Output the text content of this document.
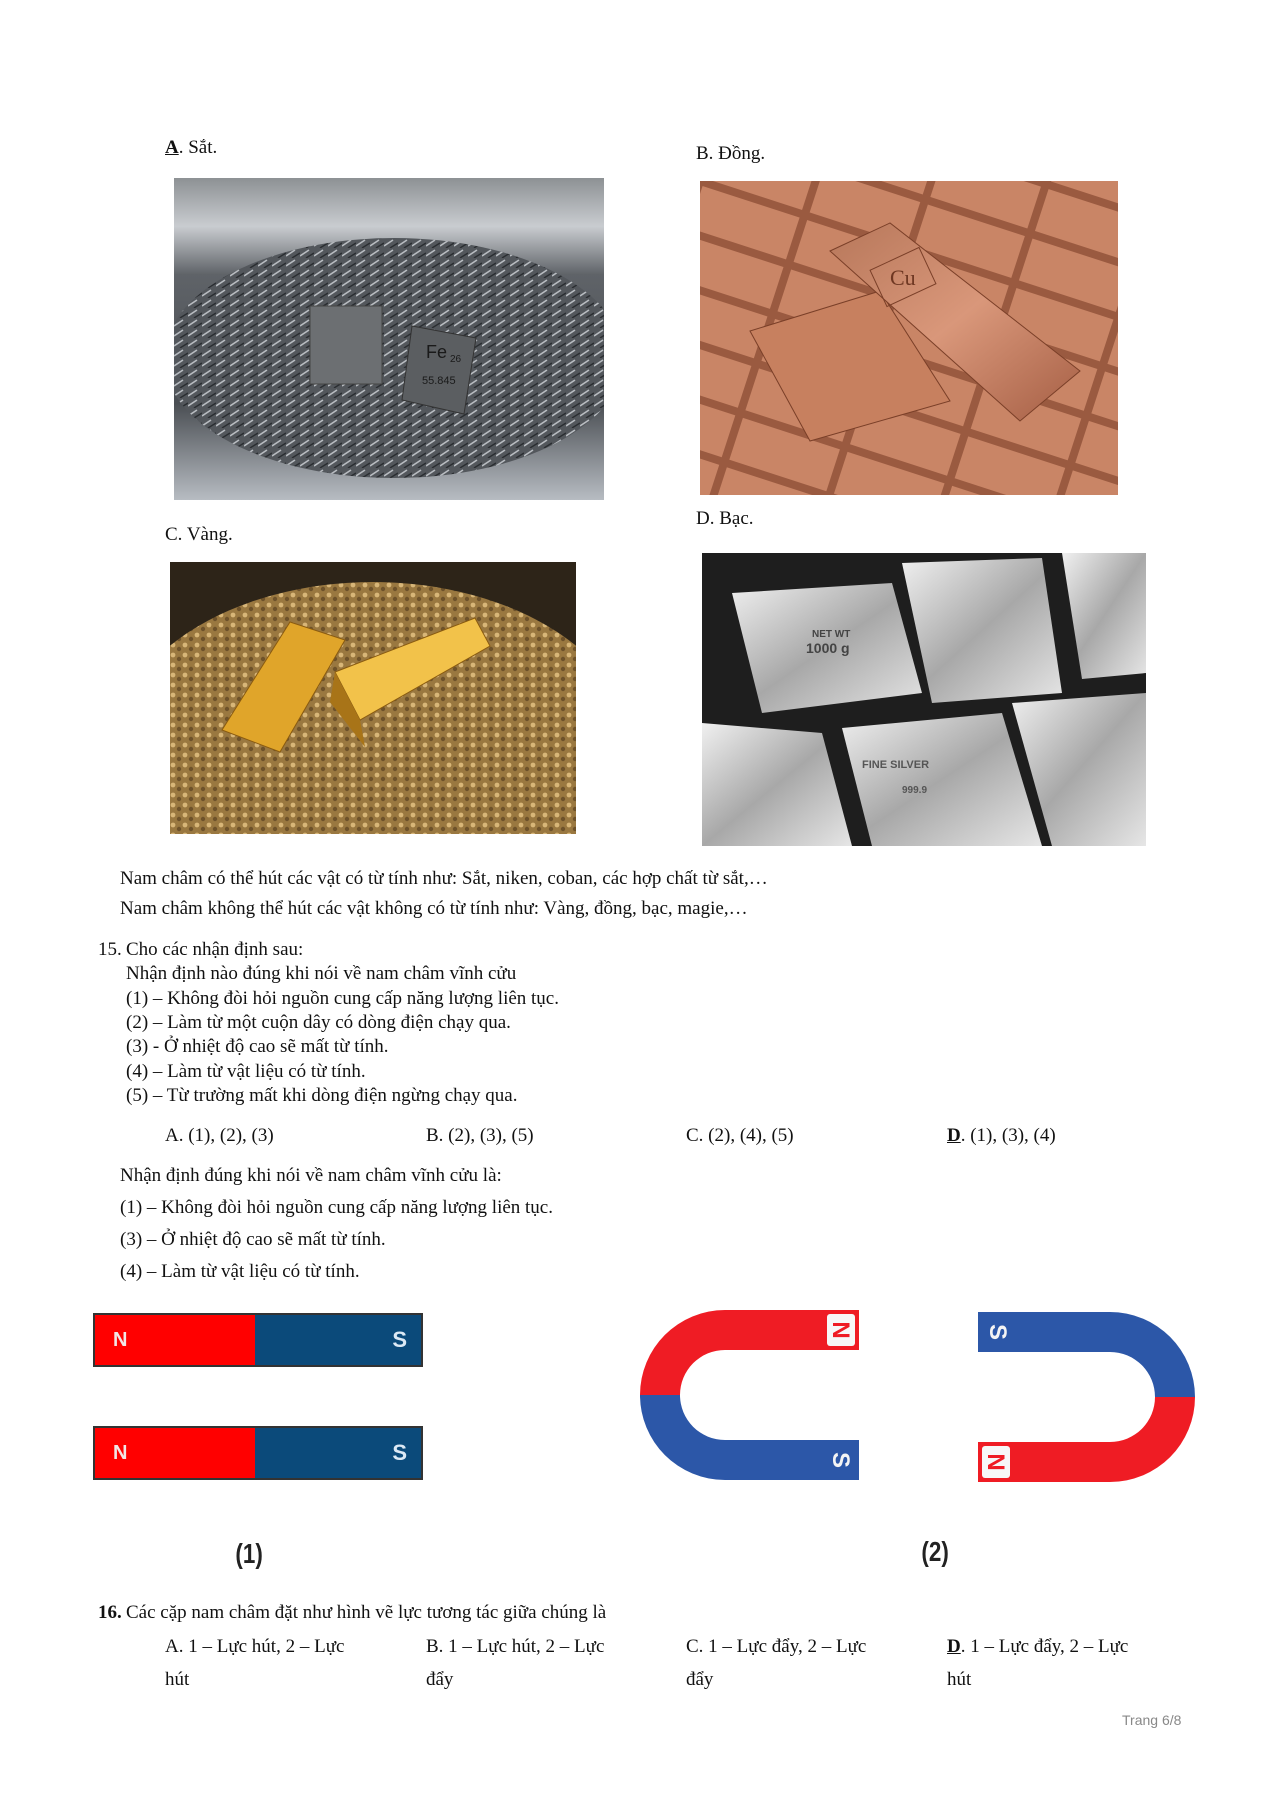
A. Sắt.	B. Đồng.
C. Vàng.
D. Bạc.
Fe 26
55.845
Cu
NET WT
1000 g
FINE SILVER
999.9
Nam châm có thể hút các vật có từ tính như: Sắt, niken, coban, các hợp chất từ sắt,…
Nam châm không thể hút các vật không có từ tính như: Vàng, đồng, bạc, magie,…
15. Cho các nhận định sau:
Nhận định nào đúng khi nói về nam châm vĩnh cửu
(1) – Không đòi hỏi nguồn cung cấp năng lượng liên tục.
(2) – Làm từ một cuộn dây có dòng điện chạy qua.
(3) - Ở nhiệt độ cao sẽ mất từ tính.
(4) – Làm từ vật liệu có từ tính.
(5) – Từ trường mất khi dòng điện ngừng chạy qua.
A. (1), (2), (3)	B. (2), (3), (5)	C. (2), (4), (5)	D. (1), (3), (4)
Nhận định đúng khi nói về nam châm vĩnh cửu là:
(1) – Không đòi hỏi nguồn cung cấp năng lượng liên tục.
(3) – Ở nhiệt độ cao sẽ mất từ tính.
(4) – Làm từ vật liệu có từ tính.
N	S
N	S
N
S
S
N
(1)	(2)
16. Các cặp nam châm đặt như hình vẽ lực tương tác giữa chúng là
A. 1 – Lực hút, 2 – Lực
hút
B. 1 – Lực hút, 2 – Lực
đẩy
C. 1 – Lực đẩy, 2 – Lực
đẩy
D. 1 – Lực đẩy, 2 – Lực
hút
Trang 6/8
